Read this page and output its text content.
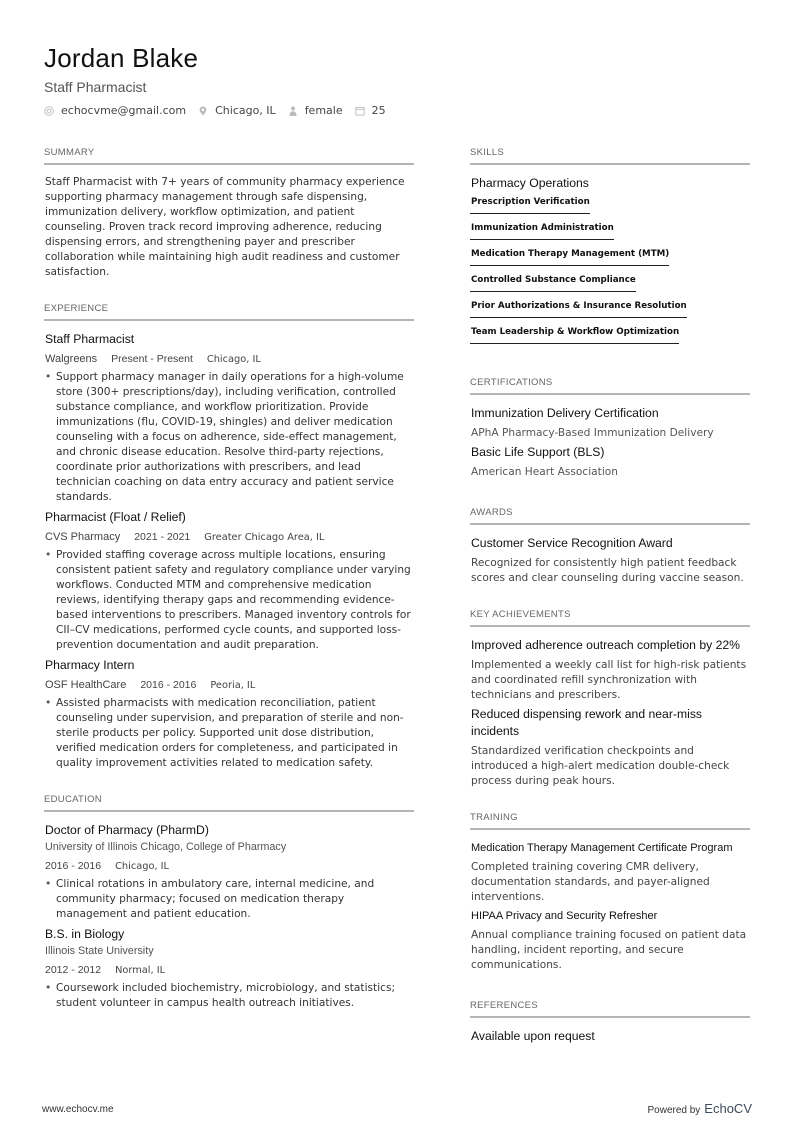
Jordan Blake
Staff Pharmacist
echocvme@gmail.com	Chicago, IL	female	25
SUMMARY
Staff Pharmacist with 7+ years of community pharmacy experience supporting pharmacy management through safe dispensing, immunization delivery, workflow optimization, and patient counseling. Proven track record improving adherence, reducing dispensing errors, and strengthening payer and prescriber collaboration while maintaining high audit readiness and customer satisfaction.
EXPERIENCE
Staff Pharmacist
Walgreens Present - Present Chicago, IL
• Support pharmacy manager in daily operations for a high-volume store (300+ prescriptions/day), including verification, controlled substance compliance, and workflow prioritization. Provide immunizations (flu, COVID-19, shingles) and deliver medication counseling with a focus on adherence, side-effect management, and chronic disease education. Resolve third-party rejections, coordinate prior authorizations with prescribers, and lead technician coaching on data entry accuracy and patient service standards.
Pharmacist (Float / Relief)
CVS Pharmacy 2021 - 2021 Greater Chicago Area, IL
• Provided staffing coverage across multiple locations, ensuring consistent patient safety and regulatory compliance under varying workflows. Conducted MTM and comprehensive medication reviews, identifying therapy gaps and recommending evidence-based interventions to prescribers. Managed inventory controls for CII–CV medications, performed cycle counts, and supported loss-prevention documentation and audit preparation.
Pharmacy Intern
OSF HealthCare 2016 - 2016 Peoria, IL
• Assisted pharmacists with medication reconciliation, patient counseling under supervision, and preparation of sterile and non-sterile products per policy. Supported unit dose distribution, verified medication orders for completeness, and participated in quality improvement activities related to medication safety.
EDUCATION
Doctor of Pharmacy (PharmD)
University of Illinois Chicago, College of Pharmacy
2016 - 2016 Chicago, IL
• Clinical rotations in ambulatory care, internal medicine, and community pharmacy; focused on medication therapy management and patient education.
B.S. in Biology
Illinois State University
2012 - 2012 Normal, IL
• Coursework included biochemistry, microbiology, and statistics; student volunteer in campus health outreach initiatives.
SKILLS
Pharmacy Operations
Prescription Verification
Immunization Administration
Medication Therapy Management (MTM)
Controlled Substance Compliance
Prior Authorizations & Insurance Resolution
Team Leadership & Workflow Optimization
CERTIFICATIONS
Immunization Delivery Certification
APhA Pharmacy-Based Immunization Delivery
Basic Life Support (BLS)
American Heart Association
AWARDS
Customer Service Recognition Award
Recognized for consistently high patient feedback scores and clear counseling during vaccine season.
KEY ACHIEVEMENTS
Improved adherence outreach completion by 22%
Implemented a weekly call list for high-risk patients and coordinated refill synchronization with technicians and prescribers.
Reduced dispensing rework and near-miss incidents
Standardized verification checkpoints and introduced a high-alert medication double-check process during peak hours.
TRAINING
Medication Therapy Management Certificate Program
Completed training covering CMR delivery, documentation standards, and payer-aligned interventions.
HIPAA Privacy and Security Refresher
Annual compliance training focused on patient data handling, incident reporting, and secure communications.
REFERENCES
Available upon request
www.echocv.me	Powered by EchoCV
